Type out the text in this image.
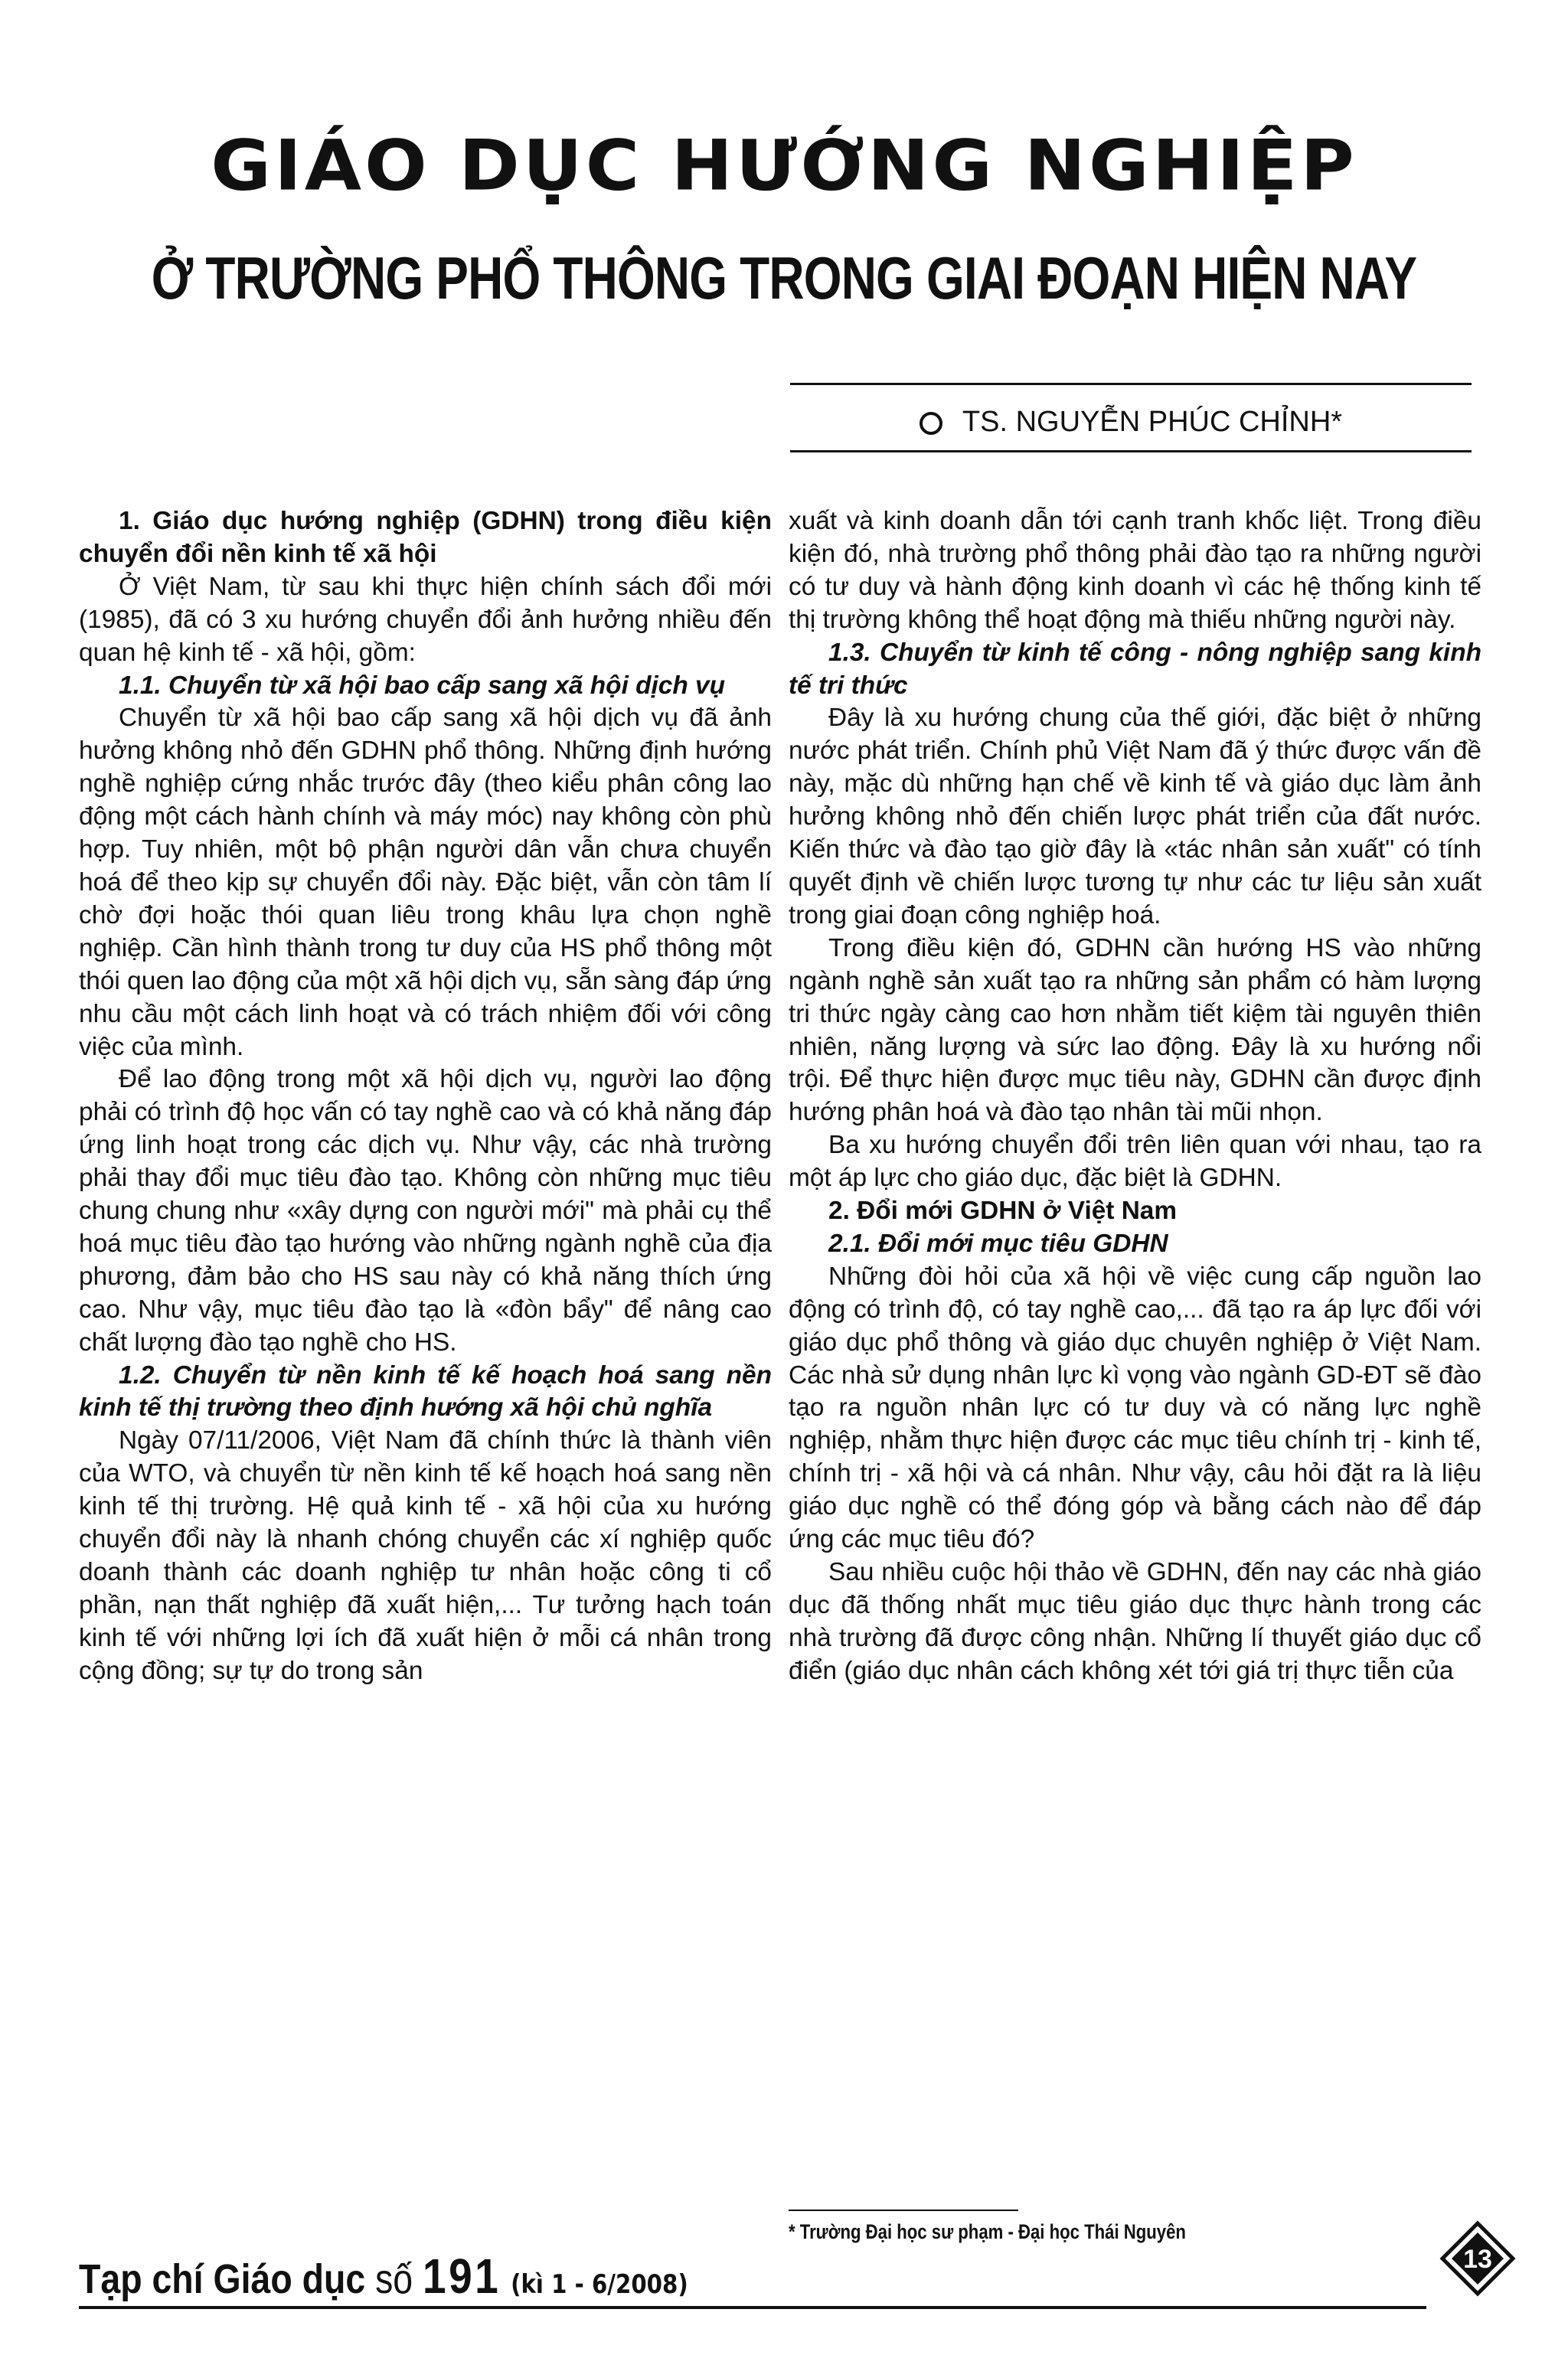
GIÁO DỤC HƯỚNG NGHIỆP
Ở TRƯỜNG PHỔ THÔNG TRONG GIAI ĐOẠN HIỆN NAY
TS. NGUYỄN PHÚC CHỈNH*

1. Giáo dục hướng nghiệp (GDHN) trong điều kiện chuyển đổi nền kinh tế xã hội

Ở Việt Nam, từ sau khi thực hiện chính sách đổi mới (1985), đã có 3 xu hướng chuyển đổi ảnh hưởng nhiều đến quan hệ kinh tế - xã hội, gồm:

1.1. Chuyển từ xã hội bao cấp sang xã hội dịch vụ

Chuyển từ xã hội bao cấp sang xã hội dịch vụ đã ảnh hưởng không nhỏ đến GDHN phổ thông. Những định hướng nghề nghiệp cứng nhắc trước đây (theo kiểu phân công lao động một cách hành chính và máy móc) nay không còn phù hợp. Tuy nhiên, một bộ phận người dân vẫn chưa chuyển hoá để theo kịp sự chuyển đổi này. Đặc biệt, vẫn còn tâm lí chờ đợi hoặc thói quan liêu trong khâu lựa chọn nghề nghiệp. Cần hình thành trong tư duy của HS phổ thông một thói quen lao động của một xã hội dịch vụ, sẵn sàng đáp ứng nhu cầu một cách linh hoạt và có trách nhiệm đối với công việc của mình.

Để lao động trong một xã hội dịch vụ, người lao động phải có trình độ học vấn có tay nghề cao và có khả năng đáp ứng linh hoạt trong các dịch vụ. Như vậy, các nhà trường phải thay đổi mục tiêu đào tạo. Không còn những mục tiêu chung chung như «xây dựng con người mới" mà phải cụ thể hoá mục tiêu đào tạo hướng vào những ngành nghề của địa phương, đảm bảo cho HS sau này có khả năng thích ứng cao. Như vậy, mục tiêu đào tạo là «đòn bẩy" để nâng cao chất lượng đào tạo nghề cho HS.

1.2. Chuyển từ nền kinh tế kế hoạch hoá sang nền kinh tế thị trường theo định hướng xã hội chủ nghĩa

Ngày 07/11/2006, Việt Nam đã chính thức là thành viên của WTO, và chuyển từ nền kinh tế kế hoạch hoá sang nền kinh tế thị trường. Hệ quả kinh tế - xã hội của xu hướng chuyển đổi này là nhanh chóng chuyển các xí nghiệp quốc doanh thành các doanh nghiệp tư nhân hoặc công ti cổ phần, nạn thất nghiệp đã xuất hiện,... Tư tưởng hạch toán kinh tế với những lợi ích đã xuất hiện ở mỗi cá nhân trong cộng đồng; sự tự do trong sản

xuất và kinh doanh dẫn tới cạnh tranh khốc liệt. Trong điều kiện đó, nhà trường phổ thông phải đào tạo ra những người có tư duy và hành động kinh doanh vì các hệ thống kinh tế thị trường không thể hoạt động mà thiếu những người này.

1.3. Chuyển từ kinh tế công - nông nghiệp sang kinh tế tri thức

Đây là xu hướng chung của thế giới, đặc biệt ở những nước phát triển. Chính phủ Việt Nam đã ý thức được vấn đề này, mặc dù những hạn chế về kinh tế và giáo dục làm ảnh hưởng không nhỏ đến chiến lược phát triển của đất nước. Kiến thức và đào tạo giờ đây là «tác nhân sản xuất" có tính quyết định về chiến lược tương tự như các tư liệu sản xuất trong giai đoạn công nghiệp hoá.

Trong điều kiện đó, GDHN cần hướng HS vào những ngành nghề sản xuất tạo ra những sản phẩm có hàm lượng tri thức ngày càng cao hơn nhằm tiết kiệm tài nguyên thiên nhiên, năng lượng và sức lao động. Đây là xu hướng nổi trội. Để thực hiện được mục tiêu này, GDHN cần được định hướng phân hoá và đào tạo nhân tài mũi nhọn.

Ba xu hướng chuyển đổi trên liên quan với nhau, tạo ra một áp lực cho giáo dục, đặc biệt là GDHN.

2. Đổi mới GDHN ở Việt Nam

2.1. Đổi mới mục tiêu GDHN

Những đòi hỏi của xã hội về việc cung cấp nguồn lao động có trình độ, có tay nghề cao,... đã tạo ra áp lực đối với giáo dục phổ thông và giáo dục chuyên nghiệp ở Việt Nam. Các nhà sử dụng nhân lực kì vọng vào ngành GD-ĐT sẽ đào tạo ra nguồn nhân lực có tư duy và có năng lực nghề nghiệp, nhằm thực hiện được các mục tiêu chính trị - kinh tế, chính trị - xã hội và cá nhân. Như vậy, câu hỏi đặt ra là liệu giáo dục nghề có thể đóng góp và bằng cách nào để đáp ứng các mục tiêu đó?

Sau nhiều cuộc hội thảo về GDHN, đến nay các nhà giáo dục đã thống nhất mục tiêu giáo dục thực hành trong các nhà trường đã được công nhận. Những lí thuyết giáo dục cổ điển (giáo dục nhân cách không xét tới giá trị thực tiễn của

* Trường Đại học sư phạm - Đại học Thái Nguyên
Tạp chí Giáo dục số 191 (kì 1 - 6/2008)
13
